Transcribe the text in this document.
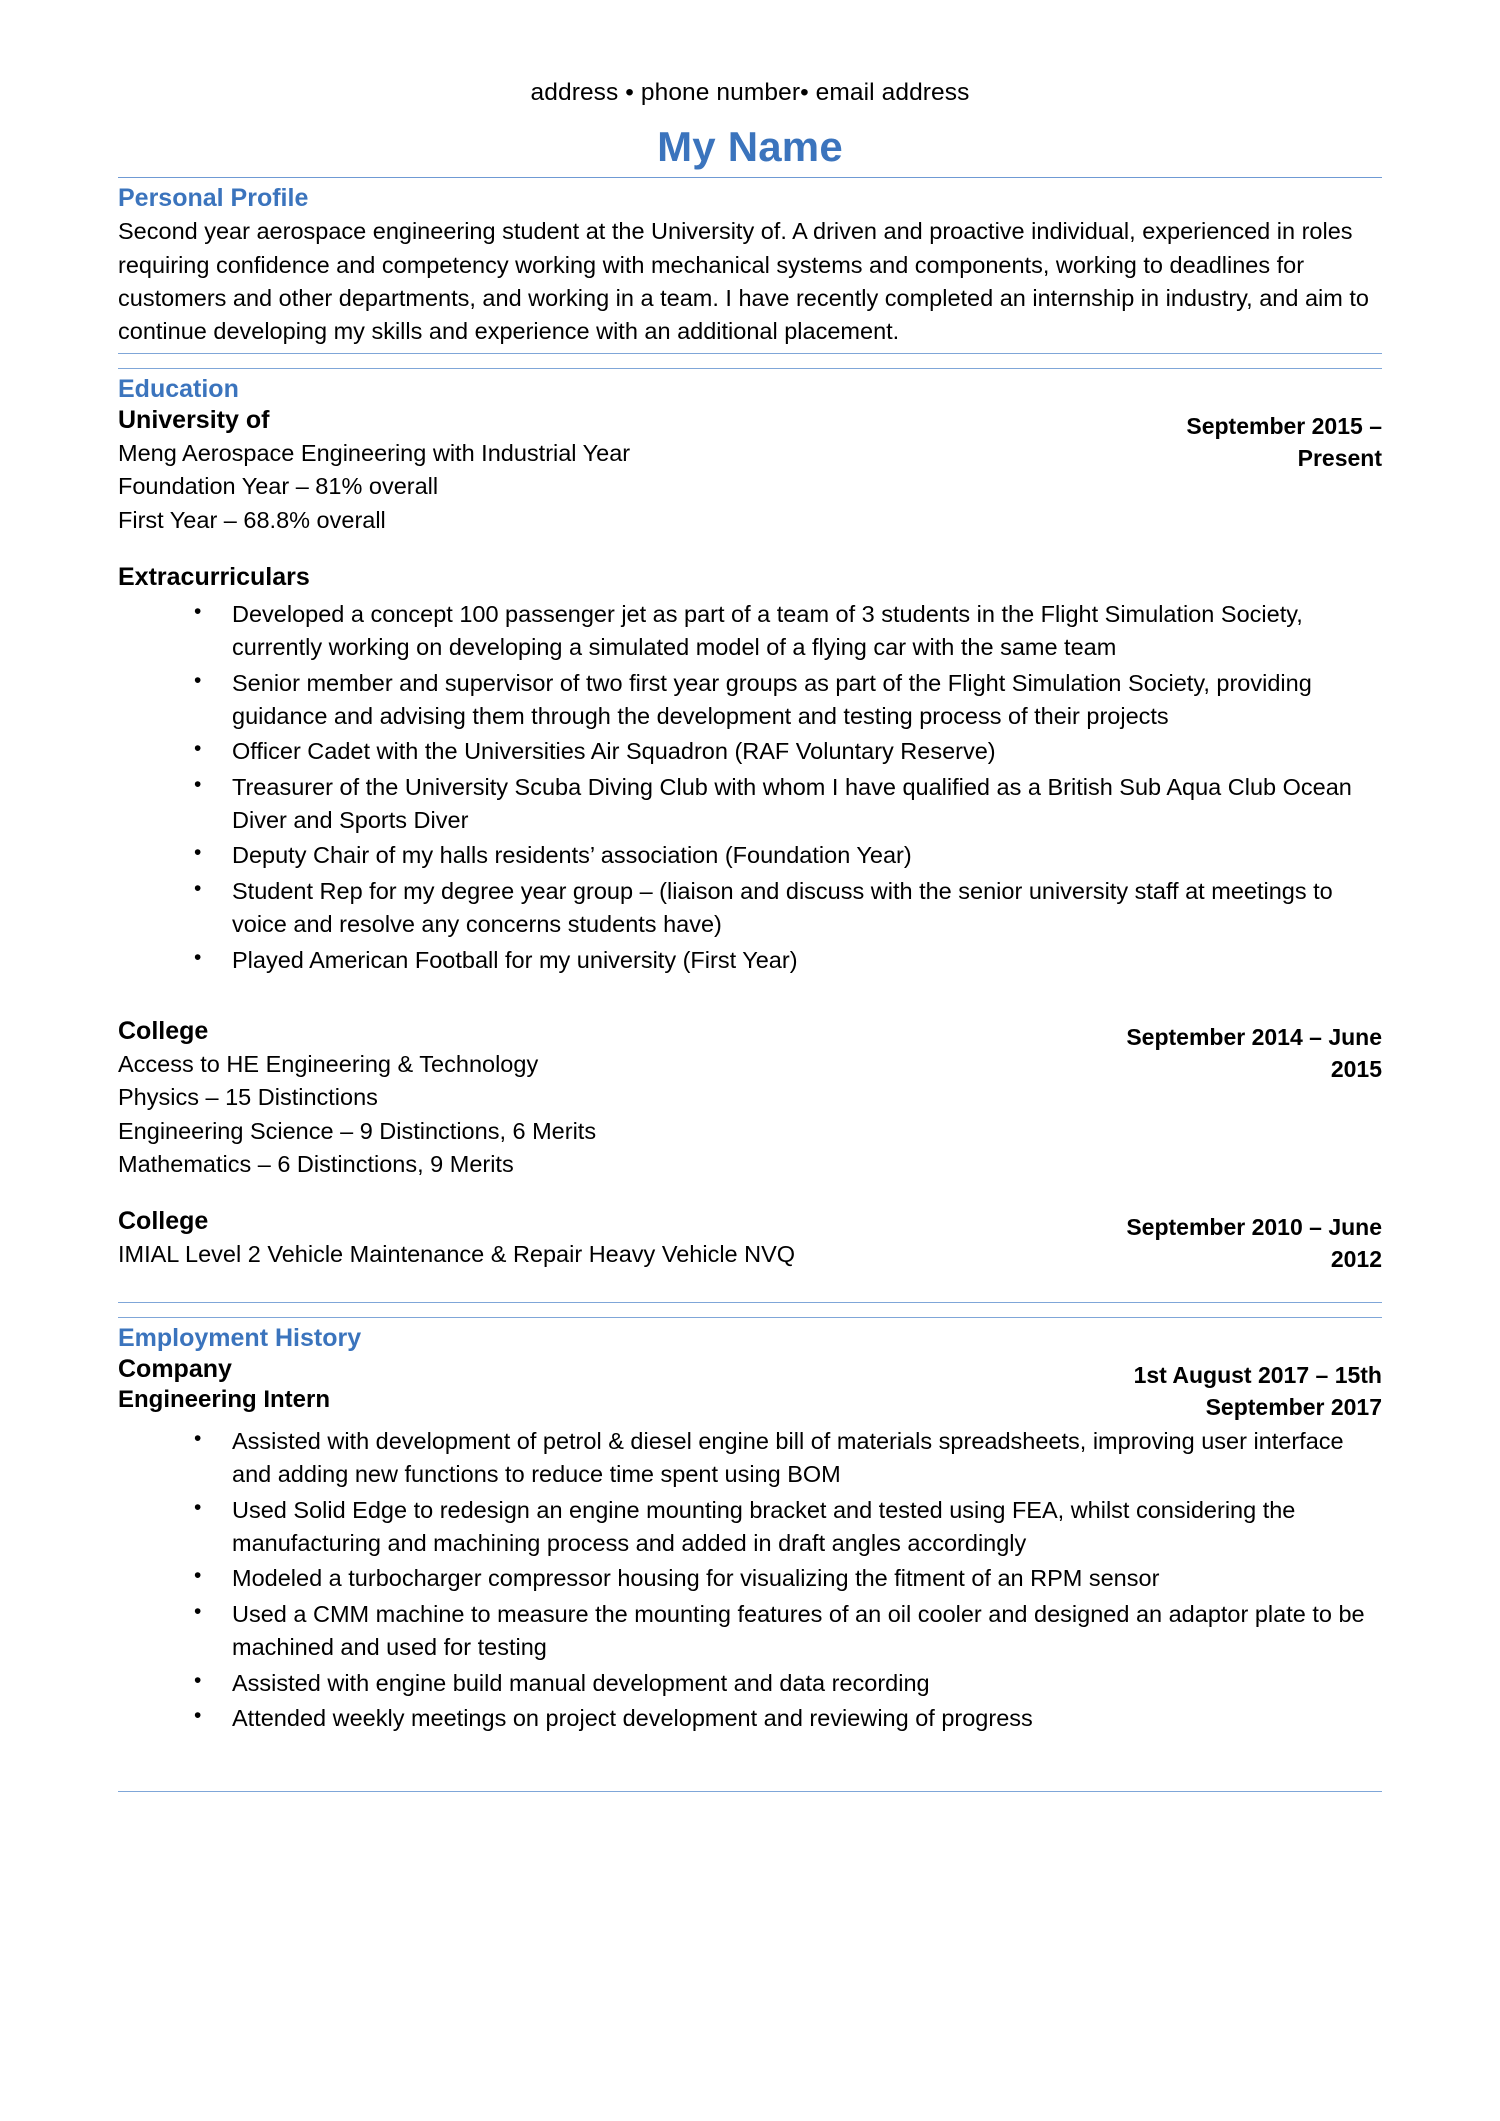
address • phone number• email address
My Name
Personal Profile

Second year aerospace engineering student at the University of. A driven and proactive individual, experienced in roles requiring confidence and competency working with mechanical systems and components, working to deadlines for customers and other departments, and working in a team. I have recently completed an internship in industry, and aim to continue developing my skills and experience with an additional placement.

Education
University of
Meng Aerospace Engineering with Industrial Year
Foundation Year – 81% overall
First Year – 68.8% overall
September 2015 – Present
Extracurriculars
• Developed a concept 100 passenger jet as part of a team of 3 students in the Flight Simulation Society, currently working on developing a simulated model of a flying car with the same team
• Senior member and supervisor of two first year groups as part of the Flight Simulation Society, providing guidance and advising them through the development and testing process of their projects
• Officer Cadet with the Universities Air Squadron (RAF Voluntary Reserve)
• Treasurer of the University Scuba Diving Club with whom I have qualified as a British Sub Aqua Club Ocean Diver and Sports Diver
• Deputy Chair of my halls residents’ association (Foundation Year)
• Student Rep for my degree year group – (liaison and discuss with the senior university staff at meetings to voice and resolve any concerns students have)
• Played American Football for my university (First Year)
College
Access to HE Engineering & Technology
Physics – 15 Distinctions
Engineering Science – 9 Distinctions, 6 Merits
Mathematics – 6 Distinctions, 9 Merits
September 2014 – June 2015
College
IMIAL Level 2 Vehicle Maintenance & Repair Heavy Vehicle NVQ
September 2010 – June 2012
Employment History
Company
Engineering Intern
1st August 2017 – 15th September 2017
• Assisted with development of petrol & diesel engine bill of materials spreadsheets, improving user interface and adding new functions to reduce time spent using BOM
• Used Solid Edge to redesign an engine mounting bracket and tested using FEA, whilst considering the manufacturing and machining process and added in draft angles accordingly
• Modeled a turbocharger compressor housing for visualizing the fitment of an RPM sensor
• Used a CMM machine to measure the mounting features of an oil cooler and designed an adaptor plate to be machined and used for testing
• Assisted with engine build manual development and data recording
• Attended weekly meetings on project development and reviewing of progress
